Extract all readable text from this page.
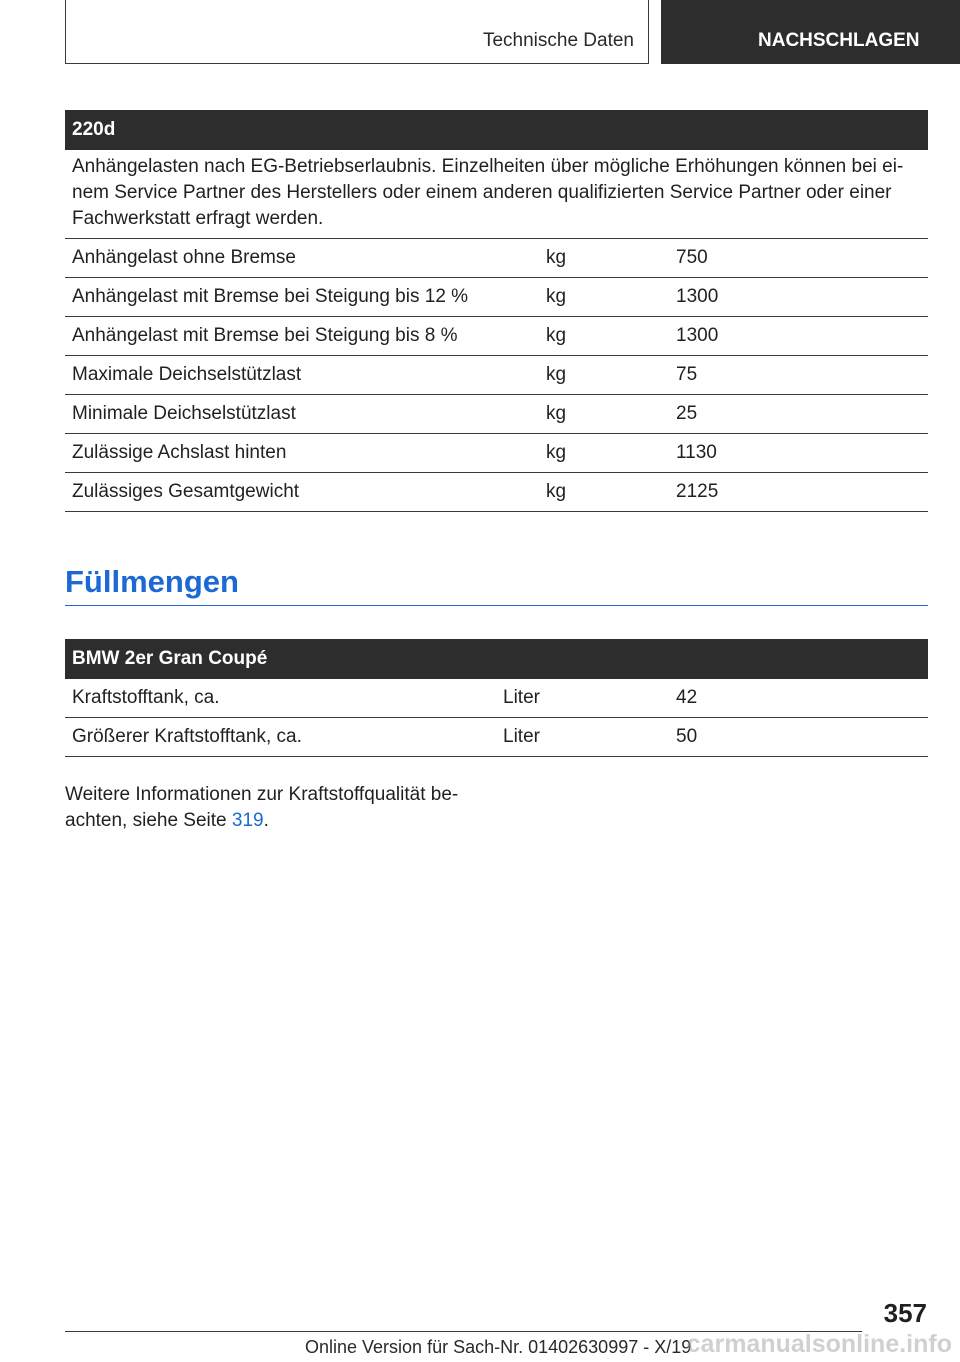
Technische Daten	NACHSCHLAGEN
220d		
Anhängelasten nach EG-Betriebserlaubnis. Einzelheiten über mögliche Erhöhungen können bei ei-nem Service Partner des Herstellers oder einem anderen qualifizierten Service Partner oder einer Fachwerkstatt erfragt werden.		
Anhängelast ohne Bremse	kg	750
Anhängelast mit Bremse bei Steigung bis 12 %	kg	1300
Anhängelast mit Bremse bei Steigung bis 8 %	kg	1300
Maximale Deichselstützlast	kg	75
Minimale Deichselstützlast	kg	25
Zulässige Achslast hinten	kg	1130
Zulässiges Gesamtgewicht	kg	2125
Füllmengen
BMW 2er Gran Coupé		
Kraftstofftank, ca.	Liter	42
Größerer Kraftstofftank, ca.	Liter	50

Weitere Informationen zur Kraftstoffqualität be-achten, siehe Seite 319.

357
Online Version für Sach-Nr. 01402630997 - X/19
carmanualsonline.info
